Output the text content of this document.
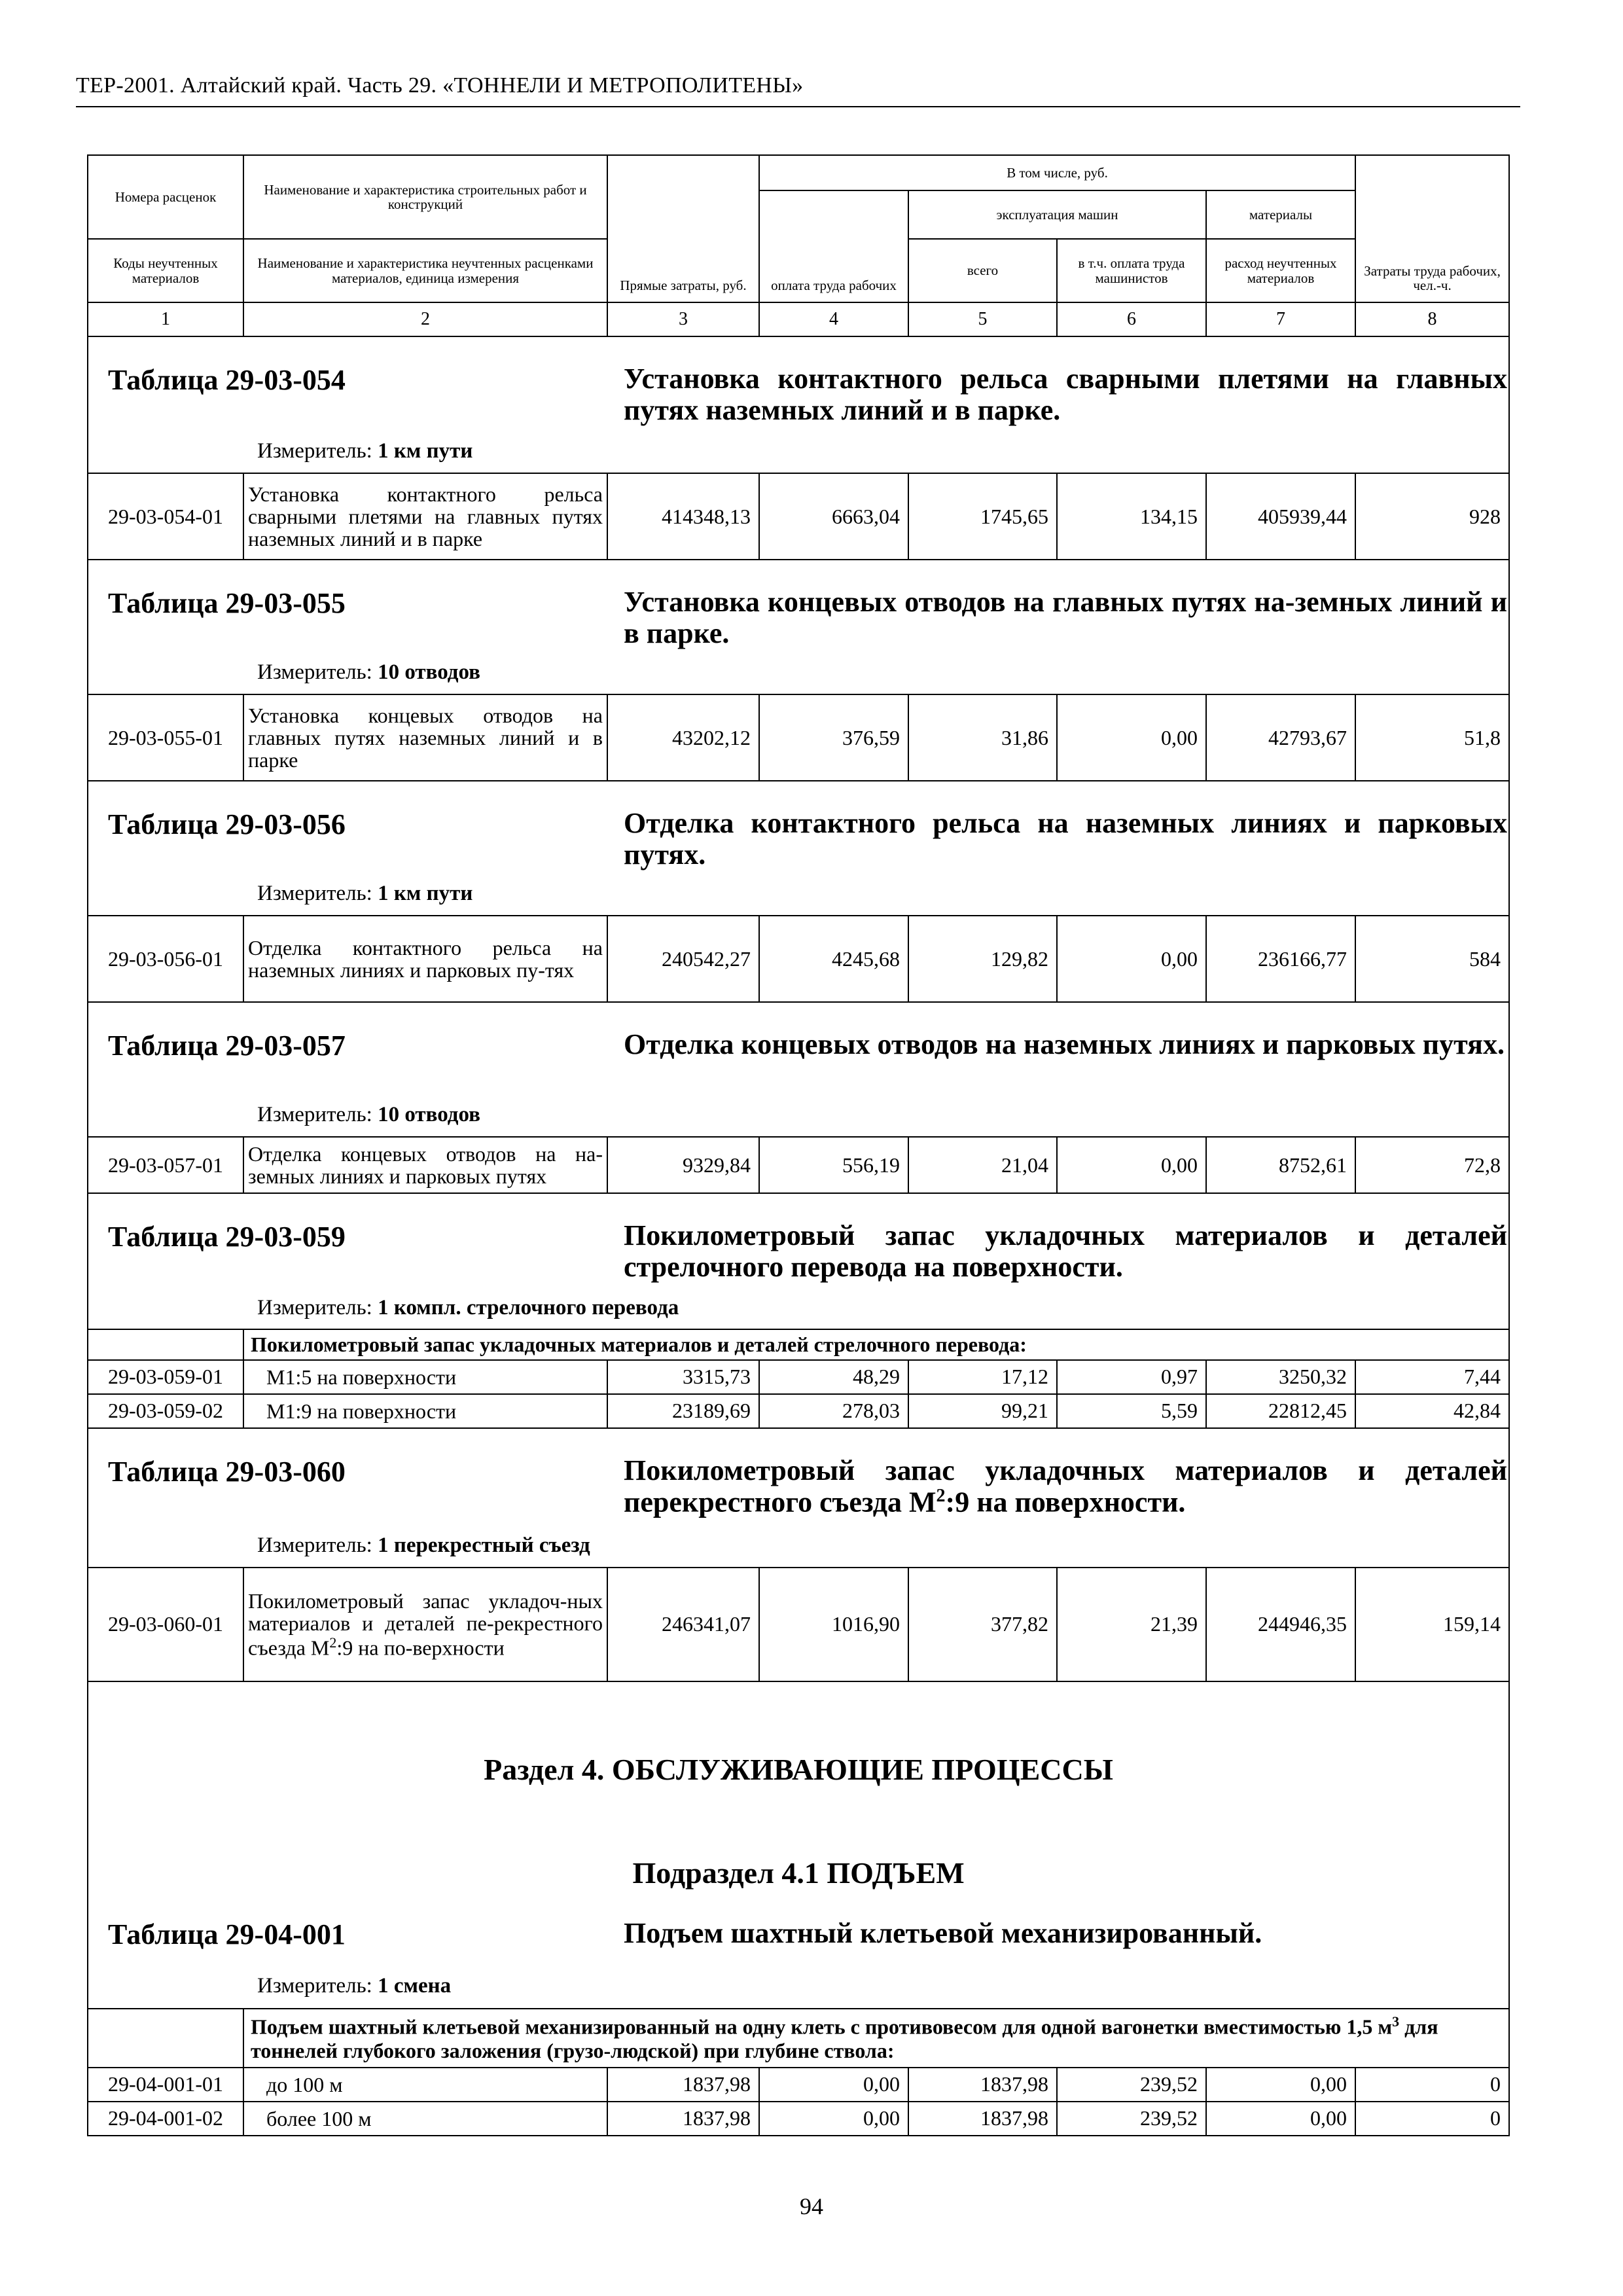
ТЕР-2001. Алтайский край. Часть 29. «ТОННЕЛИ И МЕТРОПОЛИТЕНЫ»
Номера расценок	Наименование и характеристика строительных работ и конструкций	Прямые затраты, руб.	В том числе, руб.				Затраты труда рабочих, чел.-ч.
			оплата труда рабочих	эксплуатация машин		материалы	
Коды неучтенных материалов	Наименование и характеристика неучтенных расценками материалов, единица измерения			всего	в т.ч. оплата труда машинистов	расход неучтенных материалов	

1	2	3	4	5	6	7	8

Таблица 29-03-054 Установка контактного рельса сварными плетями на главных путях наземных линий и в парке.
Измеритель: 1 км пути							

29-03-054-01	Установка контактного рельса сварными плетями на главных путях наземных линий и в парке	414348,13	6663,04	1745,65	134,15	405939,44	928

Таблица 29-03-055 Установка концевых отводов на главных путях на-земных линий и в парке.
Измеритель: 10 отводов							

29-03-055-01	Установка концевых отводов на главных путях наземных линий и в парке	43202,12	376,59	31,86	0,00	42793,67	51,8

Таблица 29-03-056 Отделка контактного рельса на наземных линиях и парковых путях.
Измеритель: 1 км пути							

29-03-056-01	Отделка контактного рельса на наземных линиях и парковых пу-тях	240542,27	4245,68	129,82	0,00	236166,77	584

Таблица 29-03-057 Отделка концевых отводов на наземных линиях и парковых путях.
Измеритель: 10 отводов							

29-03-057-01	Отделка концевых отводов на на-земных линиях и парковых путях	9329,84	556,19	21,04	0,00	8752,61	72,8

Таблица 29-03-059 Покилометровый запас укладочных материалов и деталей стрелочного перевода на поверхности.
Измеритель: 1 компл. стрелочного перевода							

	Покилометровый запас укладочных материалов и деталей стрелочного перевода:						
29-03-059-01	М1:5 на поверхности	3315,73	48,29	17,12	0,97	3250,32	7,44
29-03-059-02	М1:9 на поверхности	23189,69	278,03	99,21	5,59	22812,45	42,84

Таблица 29-03-060 Покилометровый запас укладочных материалов и деталей перекрестного съезда $М^2:9$ на поверхности.
Измеритель: 1 перекрестный съезд							

29-03-060-01	Покилометровый запас укладоч-ных материалов и деталей пе-рекрестного съезда $М^2:9$ на по-верхности	246341,07	1016,90	377,82	21,39	244946,35	159,14

Раздел 4. ОБСЛУЖИВАЮЩИЕ ПРОЦЕССЫ
Подраздел 4.1 ПОДЪЕМ
Таблица 29-04-001 Подъем шахтный клетьевой механизированный.
Измеритель: 1 смена							

	Подъем шахтный клетьевой механизированный на одну клеть с противовесом для одной вагонетки вместимостью 1,5 $м^3$ для тоннелей глубокого заложения (грузо-людской) при глубине ствола:						
29-04-001-01	до 100 м	1837,98	0,00	1837,98	239,52	0,00	0
29-04-001-02	более 100 м	1837,98	0,00	1837,98	239,52	0,00	0
94
